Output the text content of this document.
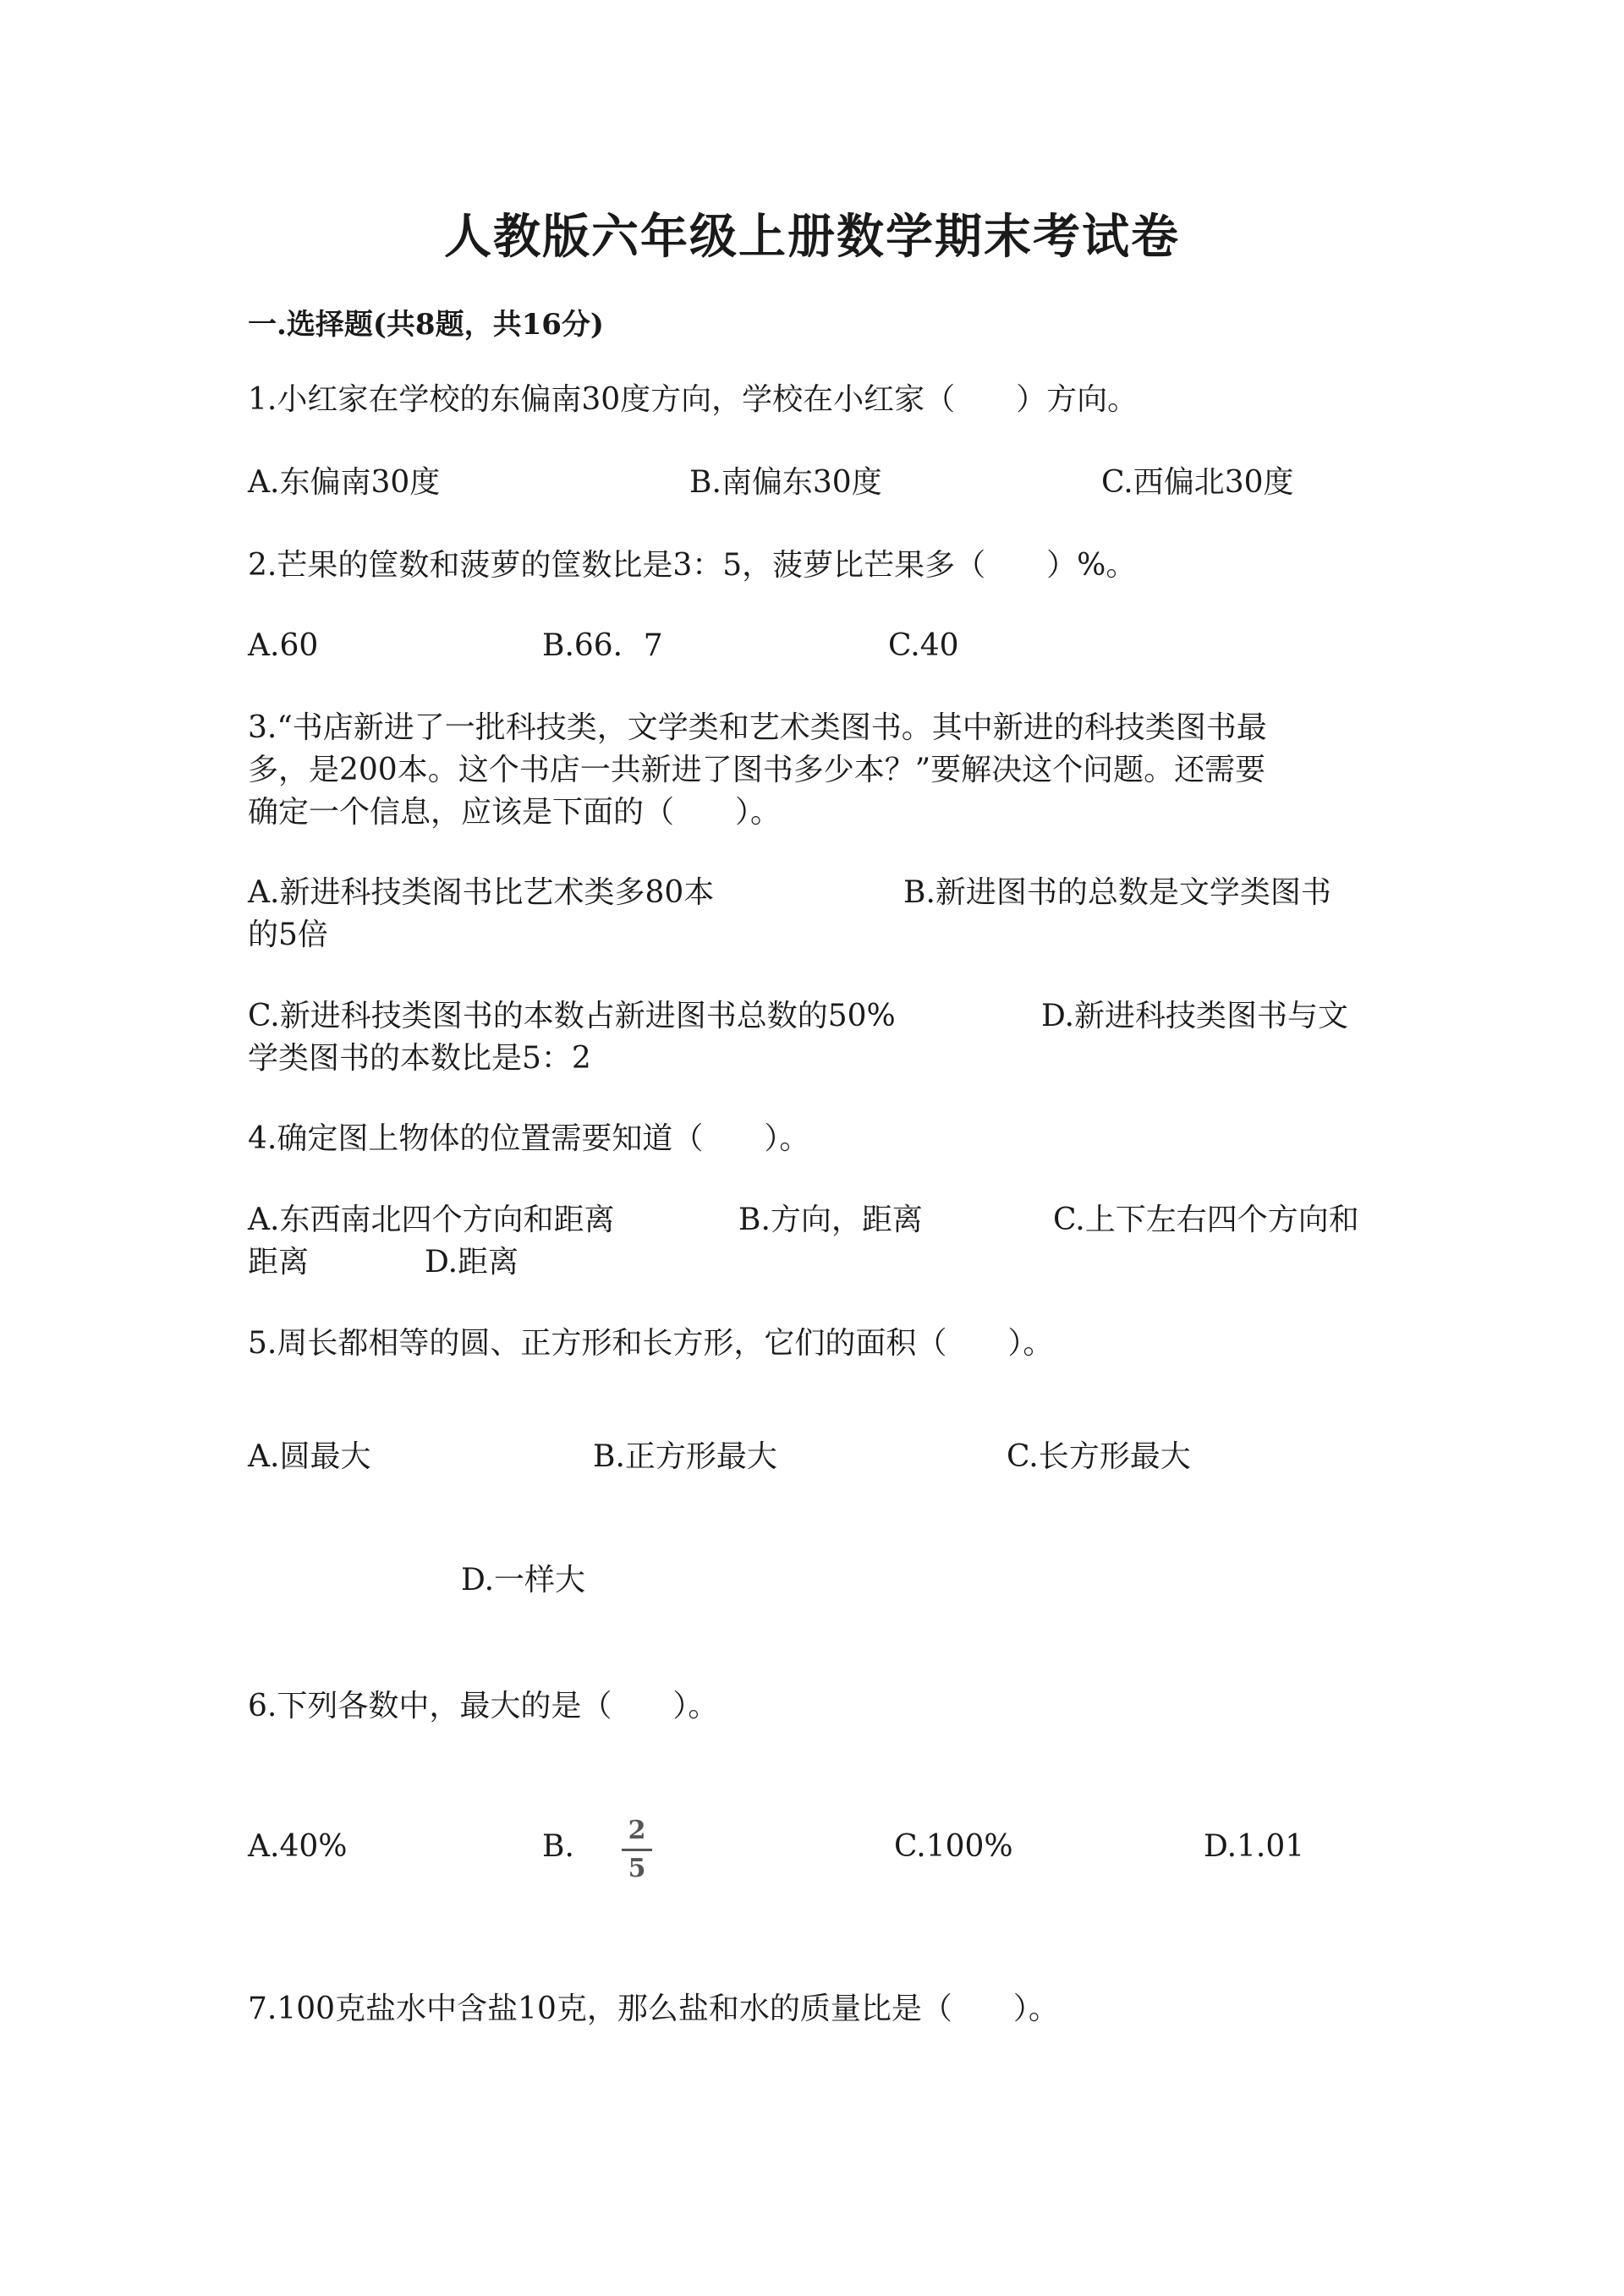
人教版六年级上册数学期末考试卷
一.选择题(共8题，共16分)
1.小红家在学校的东偏南30度方向，学校在小红家（　　）方向。
A.东偏南30度	B.南偏东30度	C.西偏北30度
2.芒果的筐数和菠萝的筐数比是3：5，菠萝比芒果多（　　）%。
A.60	B.66．7	C.40
3.“书店新进了一批科技类，文学类和艺术类图书。其中新进的科技类图书最
多，是200本。这个书店一共新进了图书多少本？”要解决这个问题。还需要
确定一个信息，应该是下面的（　　）。
A.新进科技类阁书比艺术类多80本	B.新进图书的总数是文学类图书
的5倍
C.新进科技类图书的本数占新进图书总数的50%	D.新进科技类图书与文
学类图书的本数比是5：2
4.确定图上物体的位置需要知道（　　）。
A.东西南北四个方向和距离	B.方向，距离	C.上下左右四个方向和
距离	D.距离
5.周长都相等的圆、正方形和长方形，它们的面积（　　）。
A.圆最大	B.正方形最大	C.长方形最大
D.一样大
6.下列各数中，最大的是（　　）。
A.40%	B.	2
5
C.100%	D.1.01
7.100克盐水中含盐10克，那么盐和水的质量比是（　　）。
